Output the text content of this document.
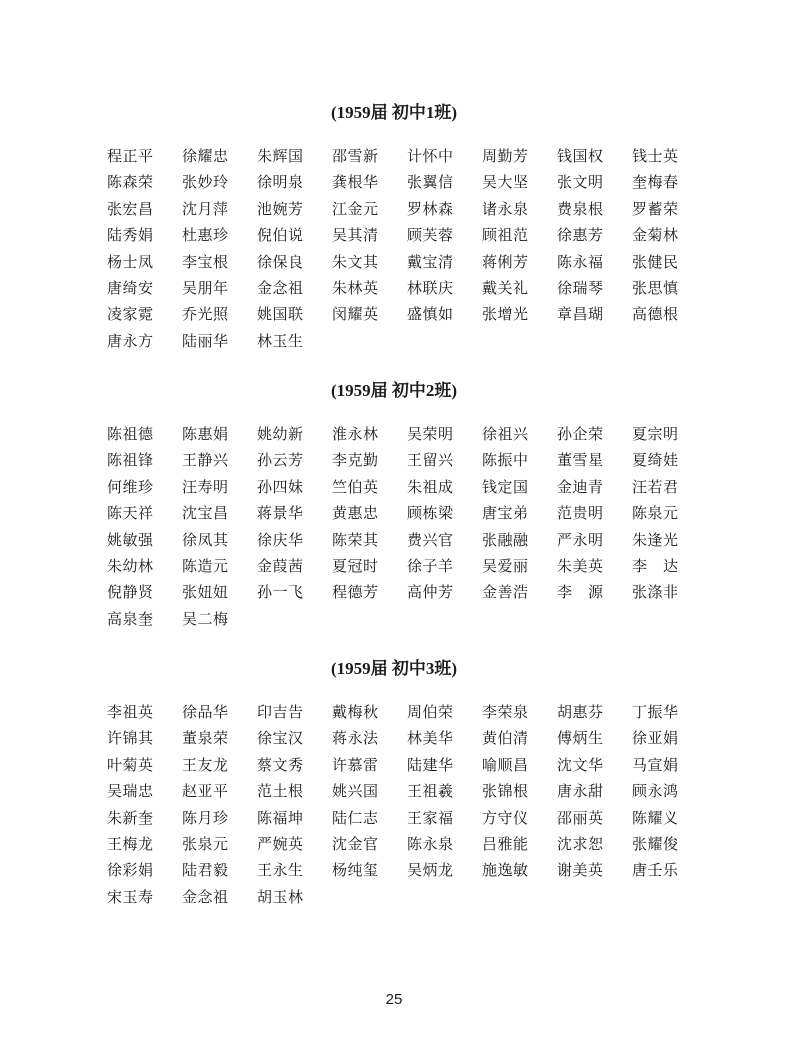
(1959届 初中1班)
程正平 徐耀忠 朱辉国 邵雪新 计怀中 周勤芳 钱国权 钱士英
陈森荣 张妙玲 徐明泉 龚根华 张翼信 吴大坚 张文明 奎梅春
张宏昌 沈月萍 池婉芳 江金元 罗林森 诸永泉 费泉根 罗蓄荣
陆秀娟 杜惠珍 倪伯说 吴其清 顾芙蓉 顾祖范 徐惠芳 金菊林
杨士凤 李宝根 徐保良 朱文其 戴宝清 蒋俐芳 陈永福 张健民
唐绮安 吴朋年 金念祖 朱林英 林联庆 戴关礼 徐瑞琴 张思慎
凌家霓 乔光照 姚国联 闵耀英 盛慎如 张增光 章昌瑚 高德根
唐永方 陆丽华 林玉生
(1959届 初中2班)
陈祖德 陈惠娟 姚幼新 淮永林 吴荣明 徐祖兴 孙企荣 夏宗明
陈祖锋 王静兴 孙云芳 李克勤 王留兴 陈振中 董雪星 夏绮娃
何维珍 汪寿明 孙四妹 竺伯英 朱祖成 钱定国 金迪青 汪若君
陈天祥 沈宝昌 蒋景华 黄惠忠 顾栋梁 唐宝弟 范贵明 陈泉元
姚敏强 徐凤其 徐庆华 陈荣其 费兴官 张融融 严永明 朱逢光
朱幼林 陈造元 金葭茜 夏冠时 徐子羊 吴爱丽 朱美英 李　达
倪静贤 张妞妞 孙一飞 程德芳 高仲芳 金善浩 李　源 张涤非
高泉奎 吴二梅
(1959届 初中3班)
李祖英 徐品华 印吉告 戴梅秋 周伯荣 李荣泉 胡惠芬 丁振华
许锦其 董泉荣 徐宝汉 蒋永法 林美华 黄伯清 傅炳生 徐亚娟
叶菊英 王友龙 蔡文秀 许慕雷 陆建华 喻顺昌 沈文华 马宣娟
吴瑞忠 赵亚平 范土根 姚兴国 王祖羲 张锦根 唐永甜 顾永鸿
朱新奎 陈月珍 陈福坤 陆仁志 王家福 方守仪 邵丽英 陈耀义
王梅龙 张泉元 严婉英 沈金官 陈永泉 吕雅能 沈求恕 张耀俊
徐彩娟 陆君毅 王永生 杨纯玺 吴炳龙 施逸敏 谢美英 唐壬乐
宋玉寿 金念祖 胡玉林
25
